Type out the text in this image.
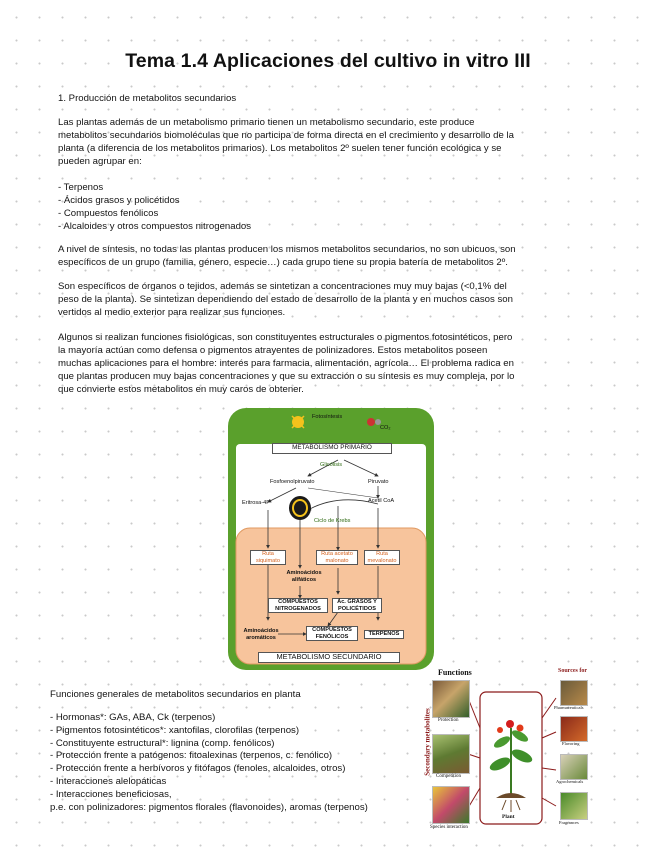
Tema 1.4 Aplicaciones del cultivo in vitro III
1. Producción de metabolitos secundarios

Las plantas además de un metabolismo primario tienen un metabolismo secundario, este produce

metabolitos secundarios biomoléculas que no participa de forma directa en el crecimiento y desarrollo de la

planta (a diferencia de los metabolitos primarios). Los metabolitos 2º suelen tener función ecológica y se

pueden agrupar en:

- Terpenos
- Ácidos grasos y policétidos
- Compuestos fenólicos
- Alcaloides y otros compuestos nitrogenados

A nivel de síntesis, no todas las plantas producen los mismos metabolitos secundarios, no son ubicuos, son

específicos de un grupo (familia, género, especie…) cada grupo tiene su propia batería de metabolitos 2º.

Son específicos de órganos o tejidos, además se sintetizan a concentraciones muy muy bajas (<0,1% del

peso de la planta). Se sintetizan dependiendo del estado de desarrollo de la planta y en muchos casos son

vertidos al medio exterior para realizar sus funciones.

Algunos si realizan funciones fisiológicas, son constituyentes estructurales o pigmentos fotosintéticos, pero

la mayoría actúan como defensa o pigmentos atrayentes de polinizadores. Estos metabolitos poseen

muchas aplicaciones para el hombre: interés para farmacia, alimentación, agrícola… El problema radica en

que plantas producen muy bajas concentraciones y que su extracción o su síntesis es muy compleja, por lo

que convierte estos metabolitos en muy caros de obtener.

Fotosíntesis
CO₂
METABOLISMO PRIMARIO
Glicólisis
Fosfoenolpiruvato	Piruvato
Eritrosa-4P	Acetil CoA
Ciclo de Krebs
Ruta siquimato
Ruta acetato malonato
Ruta mevalonato
Aminoácidos alifáticos
COMPUESTOS NITROGENADOS
Ác. GRASOS Y POLICÉTIDOS
Aminoácidos aromáticos
COMPUESTOS FENÓLICOS	TERPENOS
METABOLISMO SECUNDARIO
Funciones generales de metabolitos secundarios en planta
- Hormonas*: GAs, ABA, Ck (terpenos)
- Pigmentos fotosintéticos*: xantofilas, clorofilas (terpenos)
- Constituyente estructural*: lignina (comp. fenólicos)
- Protección frente a patógenos: fitoalexinas (terpenos, c. fenólico)
- Protección frente a herbívoros y fitófagos (fenoles, alcaloides, otros)
- Interacciones alelopáticas
- Interacciones beneficiosas,
p.e. con polinizadores: pigmentos florales (flavonoides), aromas (terpenos)
Functions
Secondary metabolites Protection
Competition
Species interaction
Plant
Sources for
Pharmaceuticals
Flavoring
Agrochemicals
Fragrances
